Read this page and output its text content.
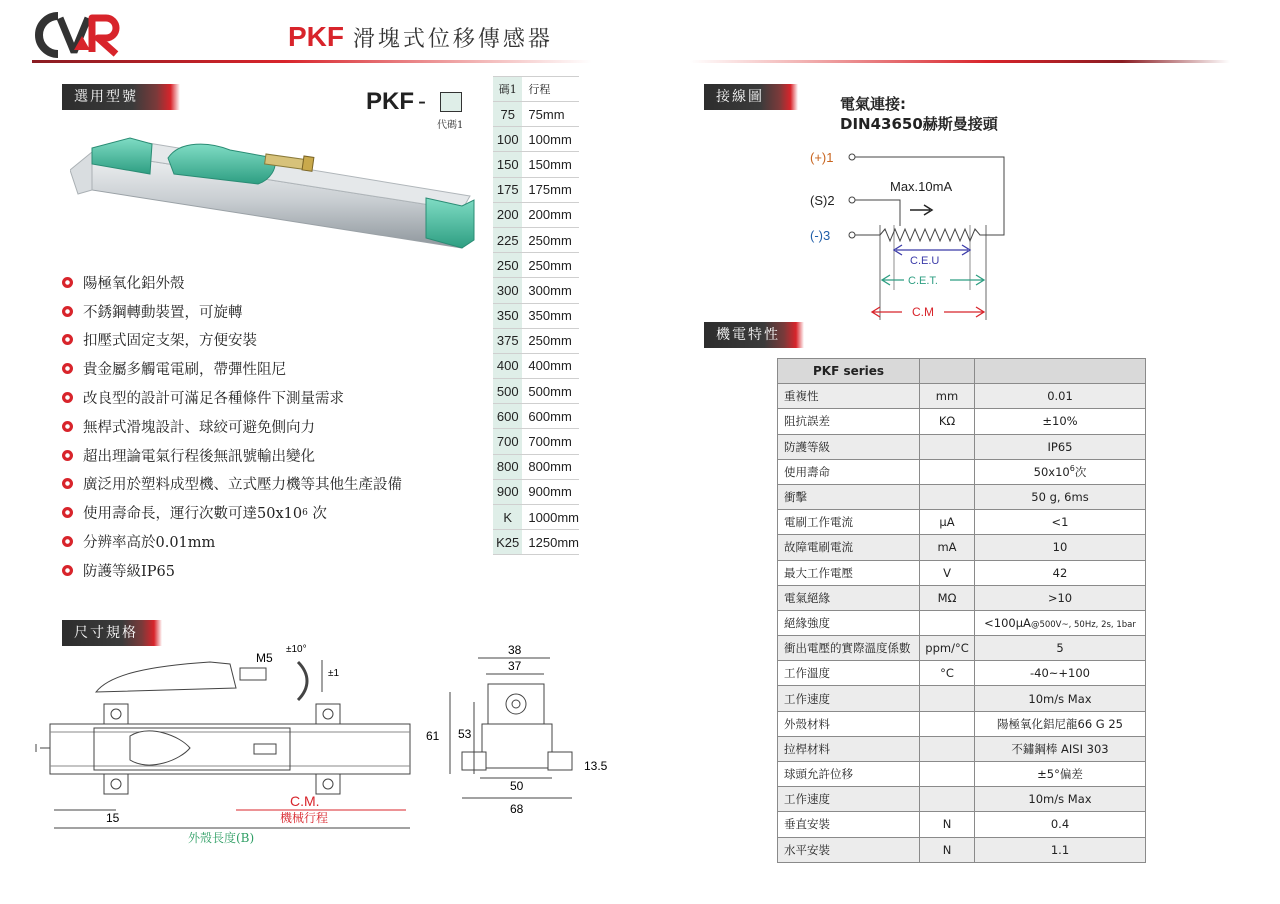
PKF 滑塊式位移傳感器
選用型號	PKF -
代碼1
碼1	行程
75	75mm
100	100mm
150	150mm
175	175mm
200	200mm
225	250mm
250	250mm
300	300mm
350	350mm
375	250mm
400	400mm
500	500mm
600	600mm
700	700mm
800	800mm
900	900mm
K	1000mm
K25	1250mm
陽極氧化鋁外殼
不銹鋼轉動裝置，可旋轉
扣壓式固定支架，方便安裝
貴金屬多觸電電刷，帶彈性阻尼
改良型的設計可滿足各種條件下測量需求
無桿式滑塊設計、球絞可避免側向力
超出理論電氣行程後無訊號輸出變化
廣泛用於塑料成型機、立式壓力機等其他生產設備
使用壽命長，運行次數可達50x10 6 次
分辨率高於0.01mm
防護等級IP65
尺寸規格
M5
±10°
±1
15
C.M.
機械行程
外殼長度(B)
38
37
61 53
50
68
13.5
接線圖	電氣連接:
DIN43650赫斯曼接頭
(+)1
(S)2
(-)3
Max.10mA
C.E.U
C.E.T.
C.M
機電特性
PKF series		
重複性	mm	0.01
阻抗誤差	KΩ	±10%
防護等級		IP65
使用壽命		$50x10^6$次
衝擊		50 g, 6ms
電刷工作電流	μA	<1
故障電刷電流	mA	10
最大工作電壓	V	42
電氣絕緣	MΩ	>10
絕緣強度		<100μA@500V~, 50Hz, 2s, 1bar
衝出電壓的實際溫度係數	ppm/°C	5
工作溫度	°C	-40~+100
工作速度		10m/s Max
外殼材料		陽極氧化鋁尼龍66 G 25
拉桿材料		不鏽鋼棒 AISI 303
球頭允許位移		±5°偏差
工作速度		10m/s Max
垂直安裝	N	0.4
水平安裝	N	1.1
